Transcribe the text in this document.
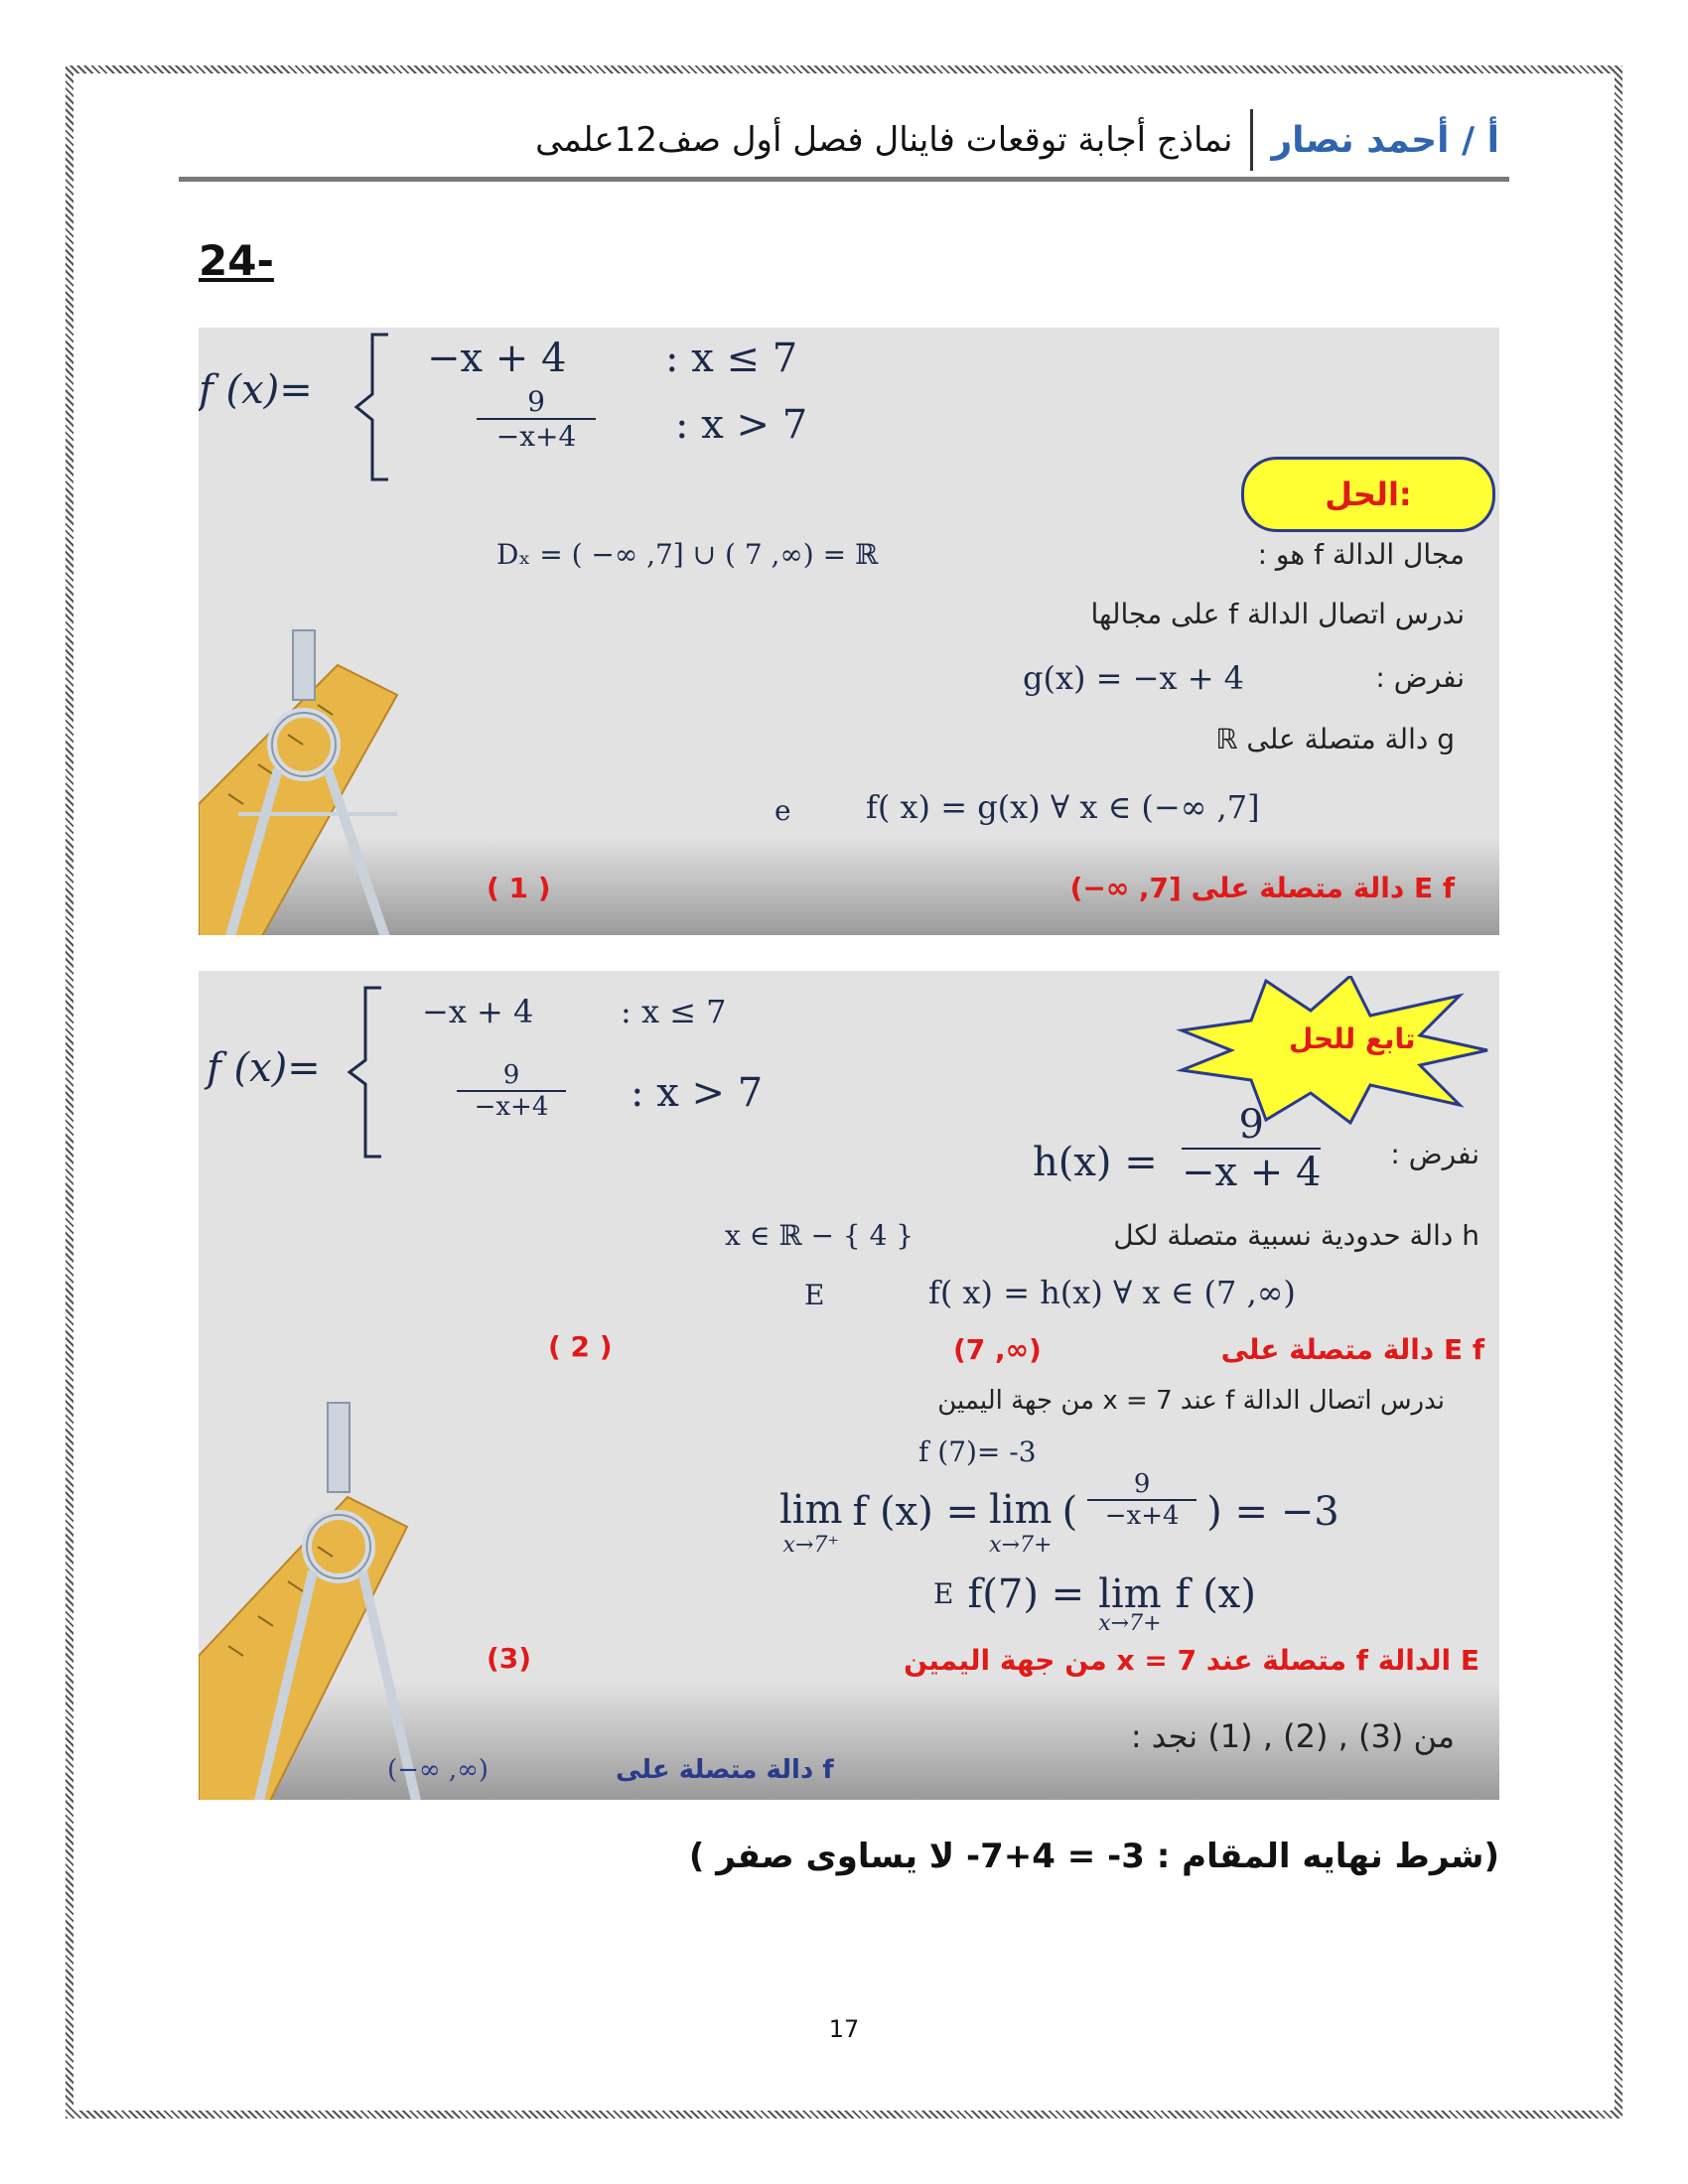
أ / أحمد نصار
نماذج أجابة توقعات فاينال فصل أول صف12علمى
24-
f (x)=
−x + 4 : x ≤ 7
$\frac{9}{-x+4}$ : x > 7
الحل:
مجال الدالة f هو :
Dₓ = ( −∞ ,7] ∪ ( 7 ,∞) = ℝ
ندرس اتصال الدالة f على مجالها
نفرض :
g(x) = −x + 4
g دالة متصلة على ℝ
e f( x) = g(x) ∀ x ∈ (−∞ ,7]
E f دالة متصلة على [7, ∞−)
( 1 )
f (x)=
−x + 4	: x ≤ 7
$\frac{9}{-x+4}$ : x > 7
تابع للحل
نفرض :
$h(x) = \frac{9}{-x + 4}$
h دالة حدودية نسبية متصلة لكل
x ∈ ℝ − { 4 }
E	f( x) = h(x) ∀ x ∈ (7 ,∞)
E f دالة متصلة على
(7 ,∞)
( 2 )
ندرس اتصال الدالة f عند 7 = x من جهة اليمين
f (7)= -3
lim
x→7⁺
f (x) = lim
x→7+
( $\frac{9}{-x+4}$ ) = −3
E f(7) = lim
x→7+
f (x)
E الدالة f متصلة عند 7 = x من جهة اليمين
(3)
من (3) , (2) , (1) نجد :
f دالة متصلة على
(−∞ ,∞)
(شرط نهايه المقام : 3- = 4+7- لا يساوى صفر )
17
